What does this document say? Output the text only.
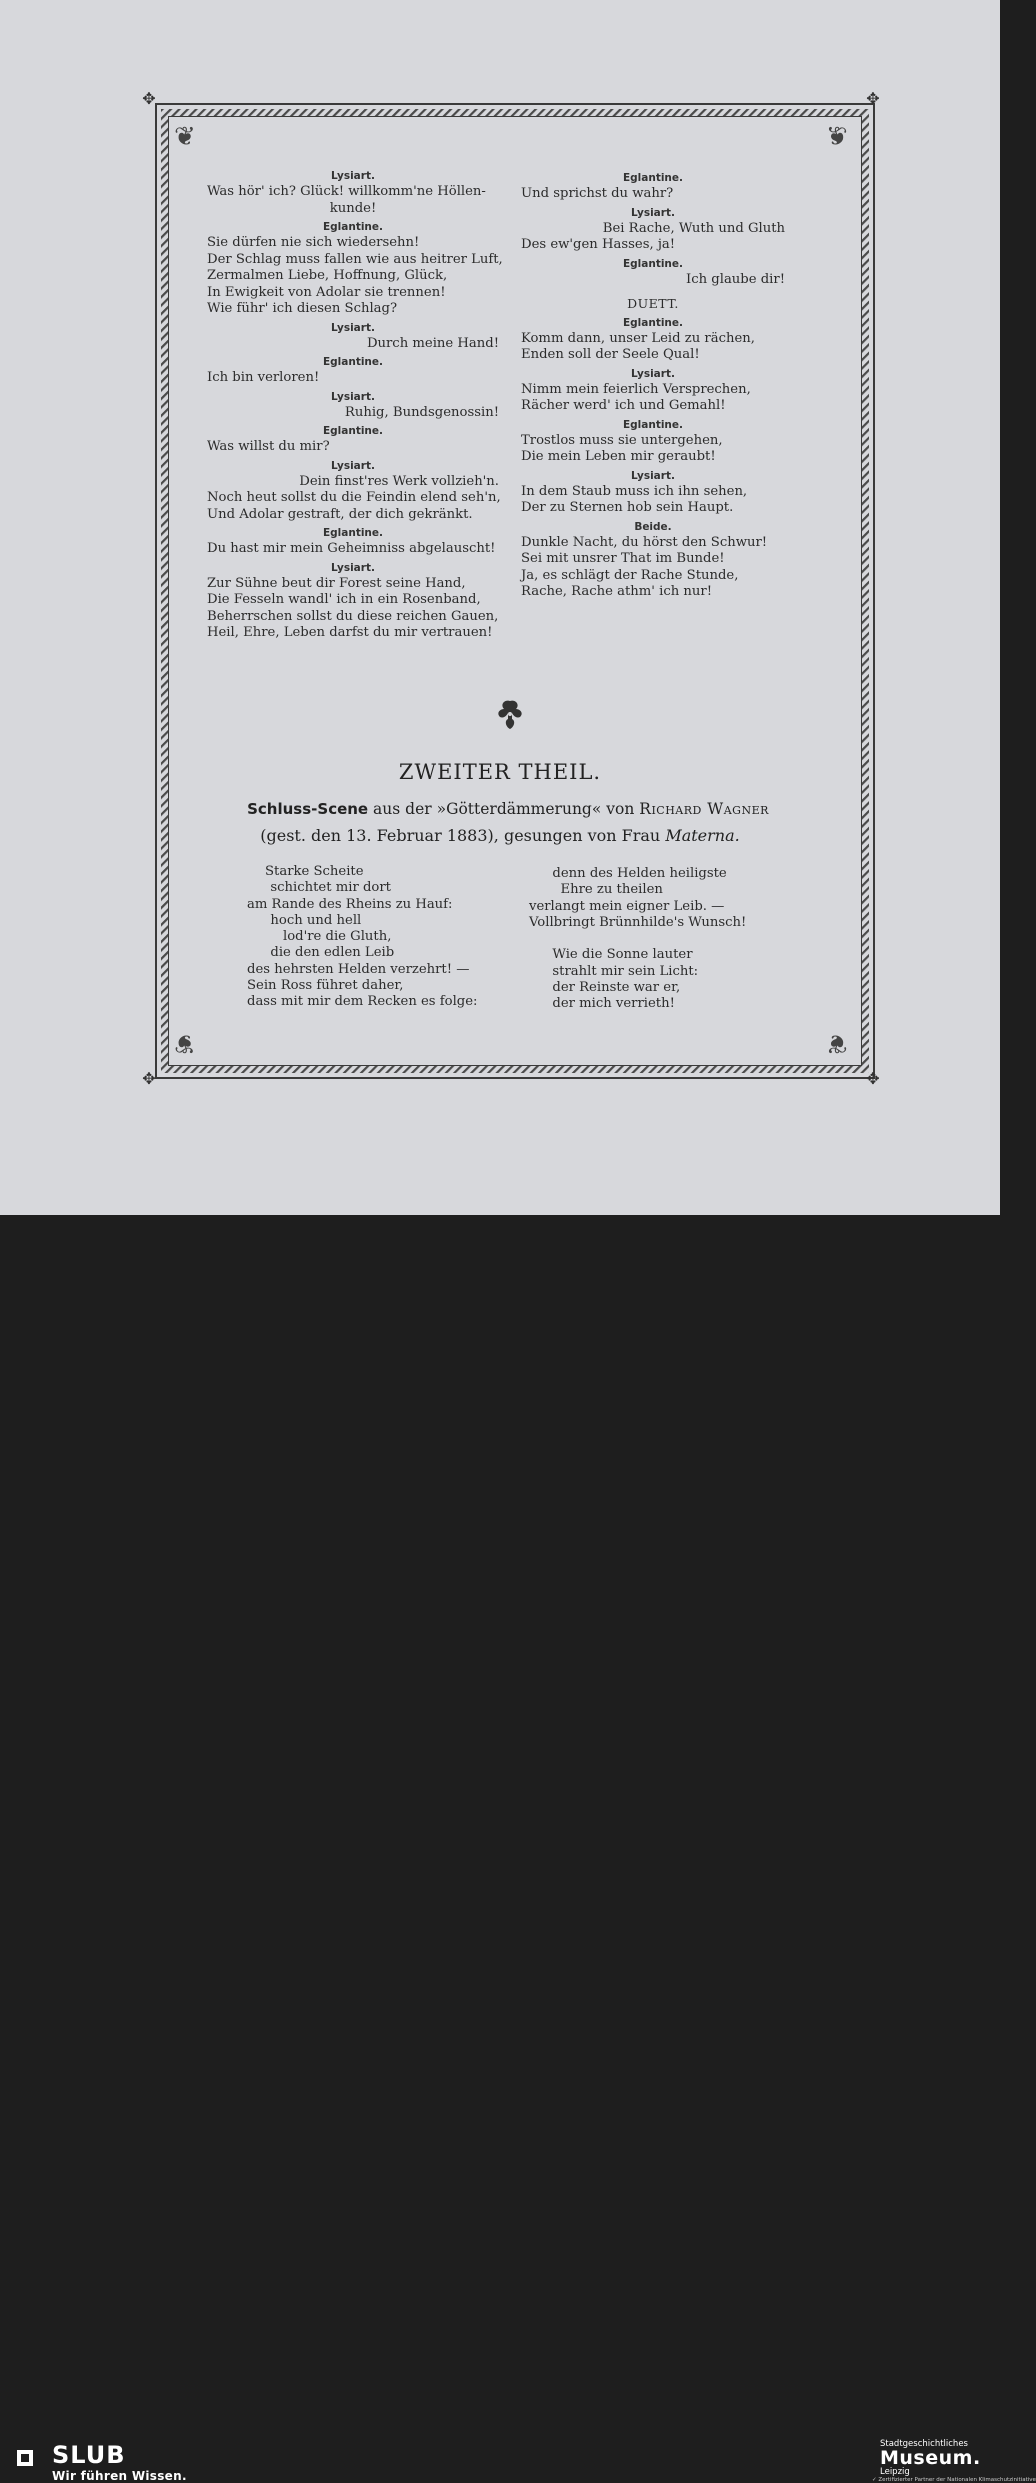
✥	✥
✥	✥
❦	❦
❦	❦
Lysiart.
Was hör' ich? Glück! willkomm'ne Höllen-
kunde!
Eglantine.
Sie dürfen nie sich wiedersehn!
Der Schlag muss fallen wie aus heitrer Luft,
Zermalmen Liebe, Hoffnung, Glück,
In Ewigkeit von Adolar sie trennen!
Wie führ' ich diesen Schlag?
Lysiart.
Durch meine Hand!
Eglantine.
Ich bin verloren!
Lysiart.
Ruhig, Bundsgenossin!
Eglantine.
Was willst du mir?
Lysiart.
Dein finst'res Werk vollzieh'n.
Noch heut sollst du die Feindin elend seh'n,
Und Adolar gestraft, der dich gekränkt.
Eglantine.
Du hast mir mein Geheimniss abgelauscht!
Lysiart.
Zur Sühne beut dir Forest seine Hand,
Die Fesseln wandl' ich in ein Rosenband,
Beherrschen sollst du diese reichen Gauen,
Heil, Ehre, Leben darfst du mir vertrauen!
Eglantine.
Und sprichst du wahr?
Lysiart.
Bei Rache, Wuth und Gluth
Des ew'gen Hasses, ja!
Eglantine.
Ich glaube dir!
DUETT.
Eglantine.
Komm dann, unser Leid zu rächen,
Enden soll der Seele Qual!
Lysiart.
Nimm mein feierlich Versprechen,
Rächer werd' ich und Gemahl!
Eglantine.
Trostlos muss sie untergehen,
Die mein Leben mir geraubt!
Lysiart.
In dem Staub muss ich ihn sehen,
Der zu Sternen hob sein Haupt.
Beide.
Dunkle Nacht, du hörst den Schwur!
Sei mit unsrer That im Bunde!
Ja, es schlägt der Rache Stunde,
Rache, Rache athm' ich nur!
ZWEITER THEIL.
Schluss-Scene aus der »Götterdämmerung« von Richard Wagner
(gest. den 13. Februar 1883), gesungen von Frau Materna.
Starke Scheite
schichtet mir dort
am Rande des Rheins zu Hauf:
hoch und hell
lod're die Gluth,
die den edlen Leib
des hehrsten Helden verzehrt! —
Sein Ross führet daher,
dass mit mir dem Recken es folge:
denn des Helden heiligste
Ehre zu theilen
verlangt mein eigner Leib. —
Vollbringt Brünnhilde's Wunsch!
Wie die Sonne lauter
strahlt mir sein Licht:
der Reinste war er,
der mich verrieth!
SLUB
Wir führen Wissen.
Stadtgeschichtliches
Museum.
Leipzig
✓ Zertifizierter Partner der Nationalen Klimaschutzinitiative
